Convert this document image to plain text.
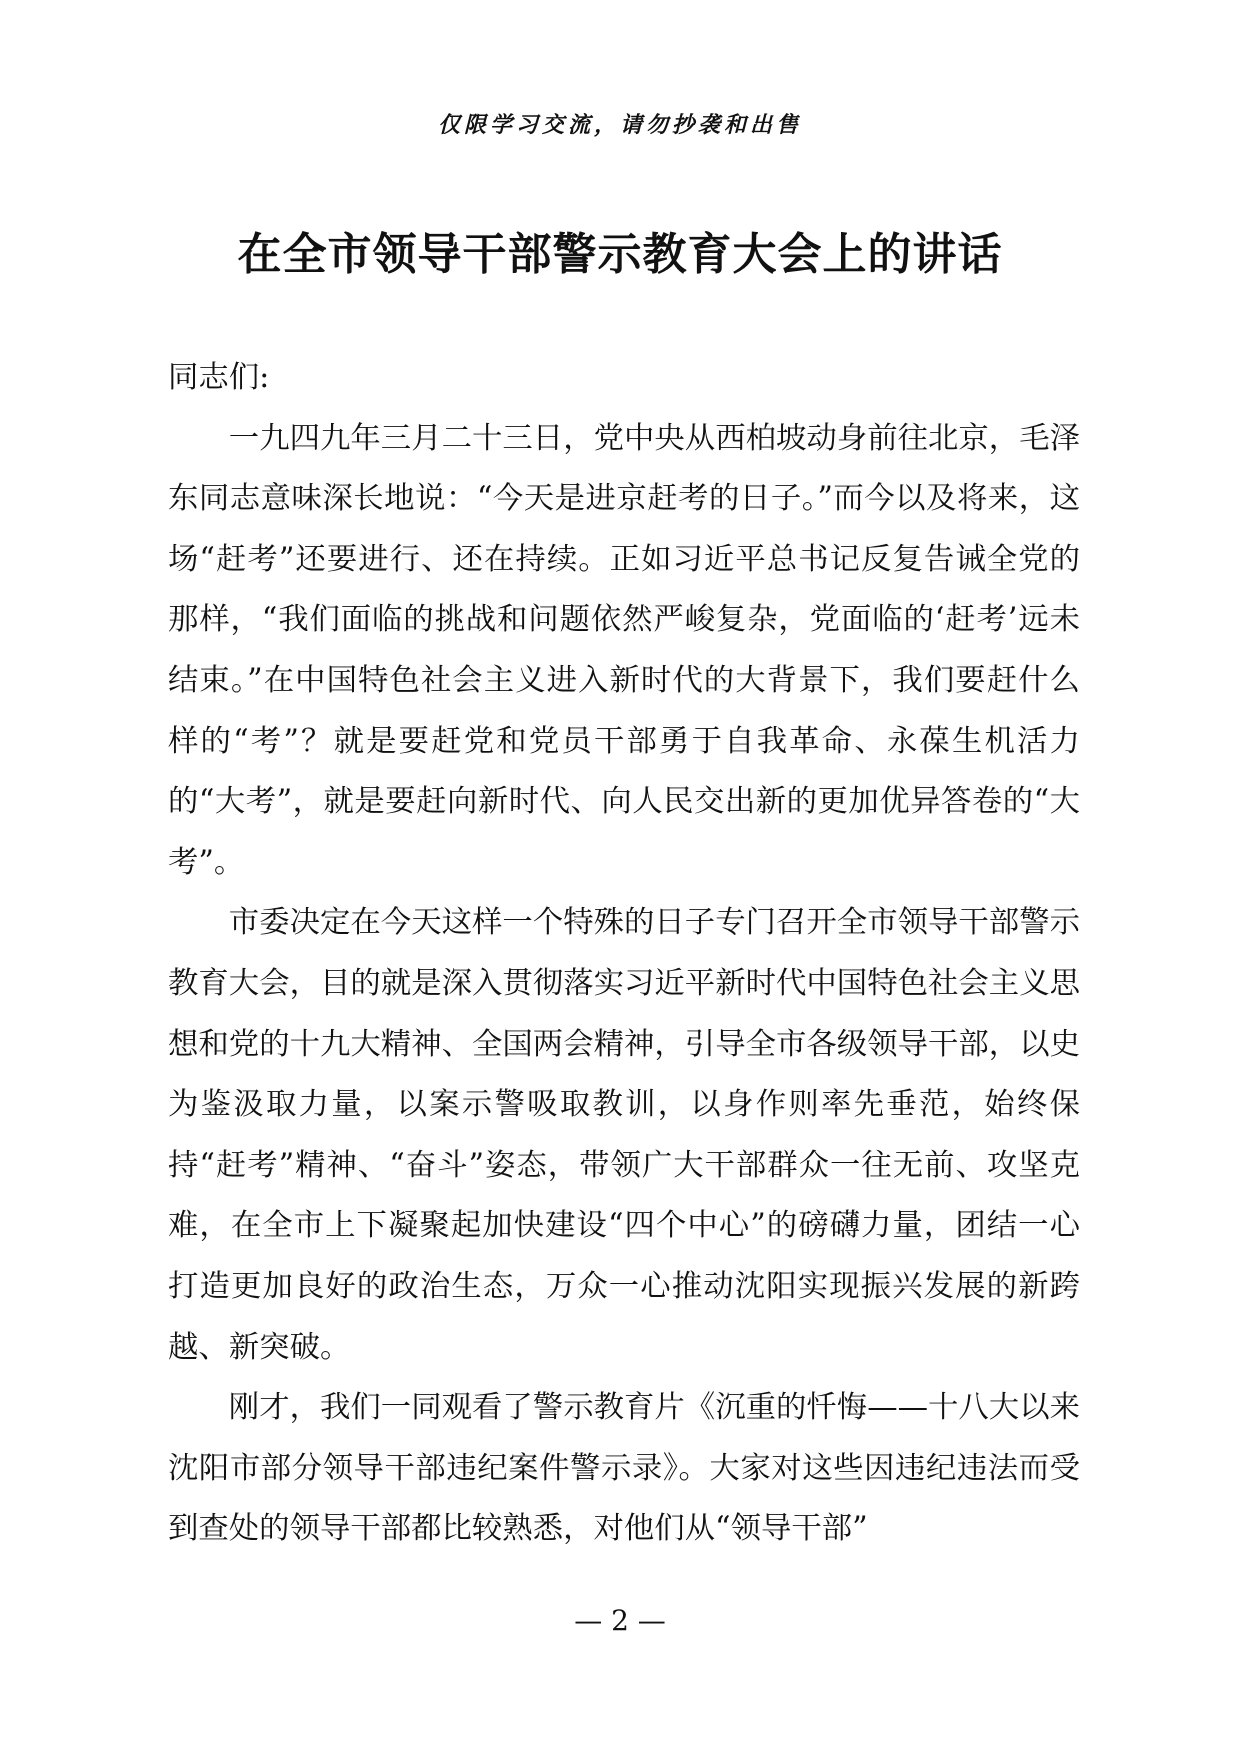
仅限学习交流，请勿抄袭和出售
在全市领导干部警示教育大会上的讲话

同志们:

一九四九年三月二十三日，党中央从西柏坡动身前往北京，毛泽东同志意味深长地说：“今天是进京赶考的日子。”而今以及将来，这场“赶考”还要进行、还在持续。正如习近平总书记反复告诫全党的那样，“我们面临的挑战和问题依然严峻复杂，党面临的‘赶考’远未结束。”在中国特色社会主义进入新时代的大背景下，我们要赶什么样的“考”？就是要赶党和党员干部勇于自我革命、永葆生机活力的“大考”，就是要赶向新时代、向人民交出新的更加优异答卷的“大考”。

市委决定在今天这样一个特殊的日子专门召开全市领导干部警示教育大会，目的就是深入贯彻落实习近平新时代中国特色社会主义思想和党的十九大精神、全国两会精神，引导全市各级领导干部，以史为鉴汲取力量，以案示警吸取教训，以身作则率先垂范，始终保持“赶考”精神、“奋斗”姿态，带领广大干部群众一往无前、攻坚克难，在全市上下凝聚起加快建设“四个中心”的磅礴力量，团结一心打造更加良好的政治生态，万众一心推动沈阳实现振兴发展的新跨越、新突破。

刚才，我们一同观看了警示教育片《沉重的忏悔——十八大以来沈阳市部分领导干部违纪案件警示录》。大家对这些因违纪违法而受到查处的领导干部都比较熟悉，对他们从“领导干部”

— 2 —
